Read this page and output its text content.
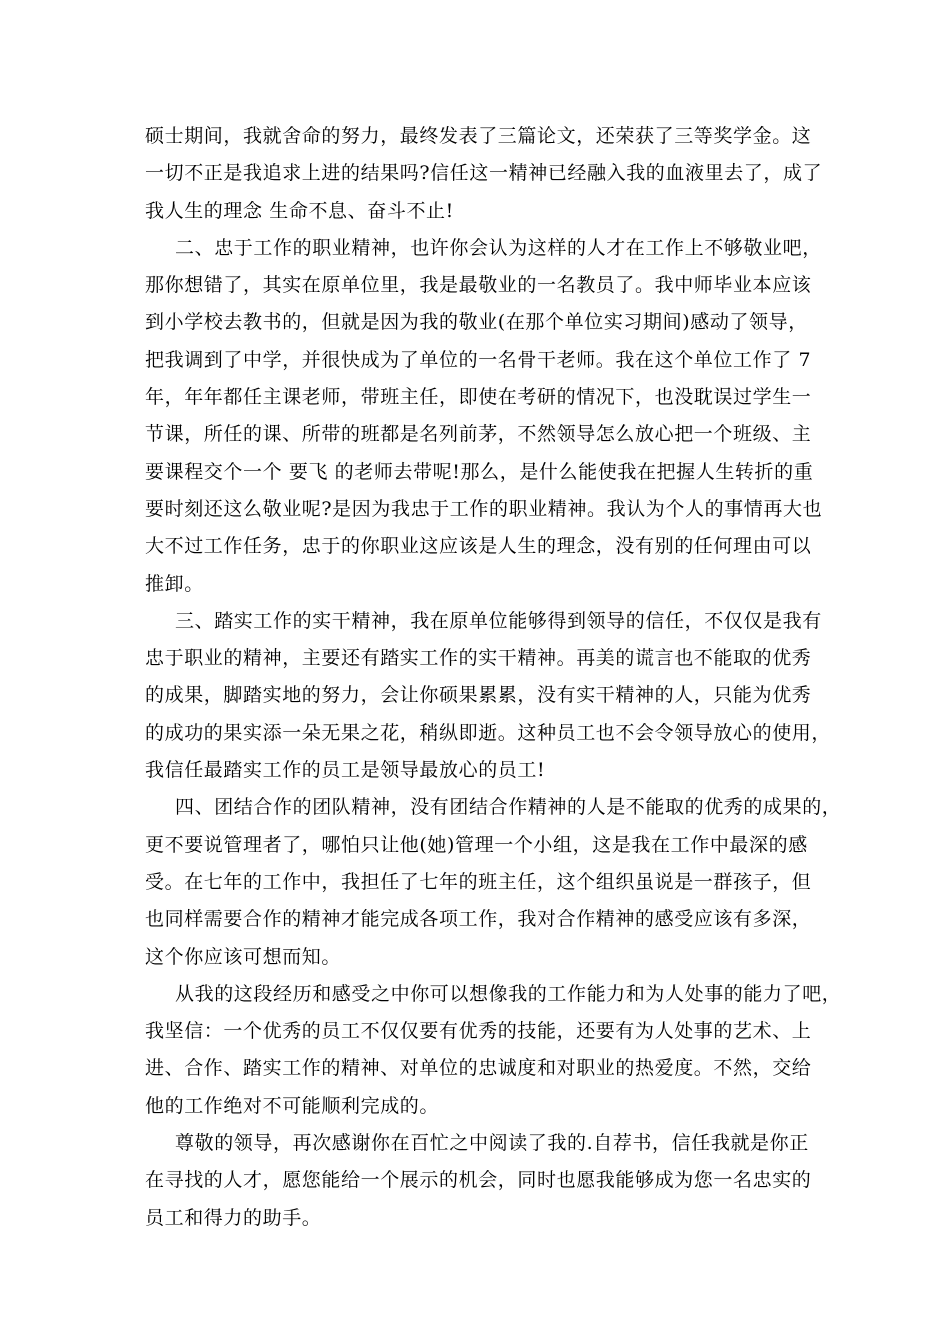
硕士期间，我就舍命的努力，最终发表了三篇论文，还荣获了三等奖学金。这
一切不正是我追求上进的结果吗?信任这一精神已经融入我的血液里去了，成了
我人生的理念 生命不息、奋斗不止!
二、忠于工作的职业精神，也许你会认为这样的人才在工作上不够敬业吧，
那你想错了，其实在原单位里，我是最敬业的一名教员了。我中师毕业本应该
到小学校去教书的，但就是因为我的敬业(在那个单位实习期间)感动了领导，
把我调到了中学，并很快成为了单位的一名骨干老师。我在这个单位工作了 7
年，年年都任主课老师，带班主任，即使在考研的情况下，也没耽误过学生一
节课，所任的课、所带的班都是名列前茅，不然领导怎么放心把一个班级、主
要课程交个一个 要飞 的老师去带呢!那么，是什么能使我在把握人生转折的重
要时刻还这么敬业呢?是因为我忠于工作的职业精神。我认为个人的事情再大也
大不过工作任务，忠于的你职业这应该是人生的理念，没有别的任何理由可以
推卸。
三、踏实工作的实干精神，我在原单位能够得到领导的信任，不仅仅是我有
忠于职业的精神，主要还有踏实工作的实干精神。再美的谎言也不能取的优秀
的成果，脚踏实地的努力，会让你硕果累累，没有实干精神的人，只能为优秀
的成功的果实添一朵无果之花，稍纵即逝。这种员工也不会令领导放心的使用，
我信任最踏实工作的员工是领导最放心的员工!
四、团结合作的团队精神，没有团结合作精神的人是不能取的优秀的成果的，
更不要说管理者了，哪怕只让他(她)管理一个小组，这是我在工作中最深的感
受。在七年的工作中，我担任了七年的班主任，这个组织虽说是一群孩子，但
也同样需要合作的精神才能完成各项工作，我对合作精神的感受应该有多深，
这个你应该可想而知。
从我的这段经历和感受之中你可以想像我的工作能力和为人处事的能力了吧，
我坚信：一个优秀的员工不仅仅要有优秀的技能，还要有为人处事的艺术、上
进、合作、踏实工作的精神、对单位的忠诚度和对职业的热爱度。不然，交给
他的工作绝对不可能顺利完成的。
尊敬的领导，再次感谢你在百忙之中阅读了我的.自荐书，信任我就是你正
在寻找的人才，愿您能给一个展示的机会，同时也愿我能够成为您一名忠实的
员工和得力的助手。
